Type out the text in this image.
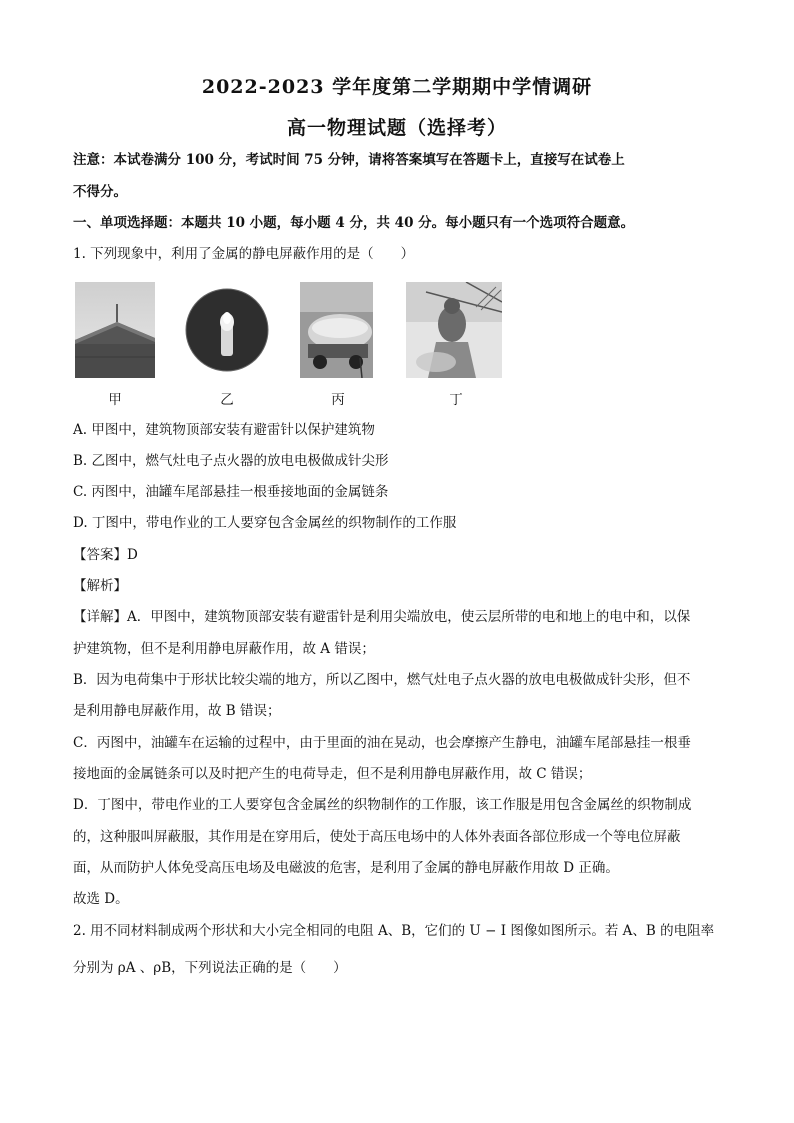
2022-2023 学年度第二学期期中学情调研
高一物理试题（选择考）
注意：本试卷满分 100 分，考试时间 75 分钟，请将答案填写在答题卡上，直接写在试卷上
不得分。
一、单项选择题：本题共 10 小题，每小题 4 分，共 40 分。每小题只有一个选项符合题意。
1. 下列现象中，利用了金属的静电屏蔽作用的是（　　）
甲	乙	丙	丁
A. 甲图中，建筑物顶部安装有避雷针以保护建筑物
B. 乙图中，燃气灶电子点火器的放电电极做成针尖形
C. 丙图中，油罐车尾部悬挂一根垂接地面的金属链条
D. 丁图中，带电作业的工人要穿包含金属丝的织物制作的工作服
【答案】D
【解析】
【详解】A．甲图中，建筑物顶部安装有避雷针是利用尖端放电，使云层所带的电和地上的电中和，以保
护建筑物，但不是利用静电屏蔽作用，故 A 错误；
B．因为电荷集中于形状比较尖端的地方，所以乙图中，燃气灶电子点火器的放电电极做成针尖形，但不
是利用静电屏蔽作用，故 B 错误；
C．丙图中，油罐车在运输的过程中，由于里面的油在晃动，也会摩擦产生静电，油罐车尾部悬挂一根垂
接地面的金属链条可以及时把产生的电荷导走，但不是利用静电屏蔽作用，故 C 错误；
D．丁图中，带电作业的工人要穿包含金属丝的织物制作的工作服，该工作服是用包含金属丝的织物制成
的，这种服叫屏蔽服，其作用是在穿用后，使处于高压电场中的人体外表面各部位形成一个等电位屏蔽
面，从而防护人体免受高压电场及电磁波的危害，是利用了金属的静电屏蔽作用故 D 正确。
故选 D。
2. 用不同材料制成两个形状和大小完全相同的电阻 A、B，它们的 U − I 图像如图所示。若 A、B 的电阻率
分别为 ρA 、ρB，下列说法正确的是（　　）
